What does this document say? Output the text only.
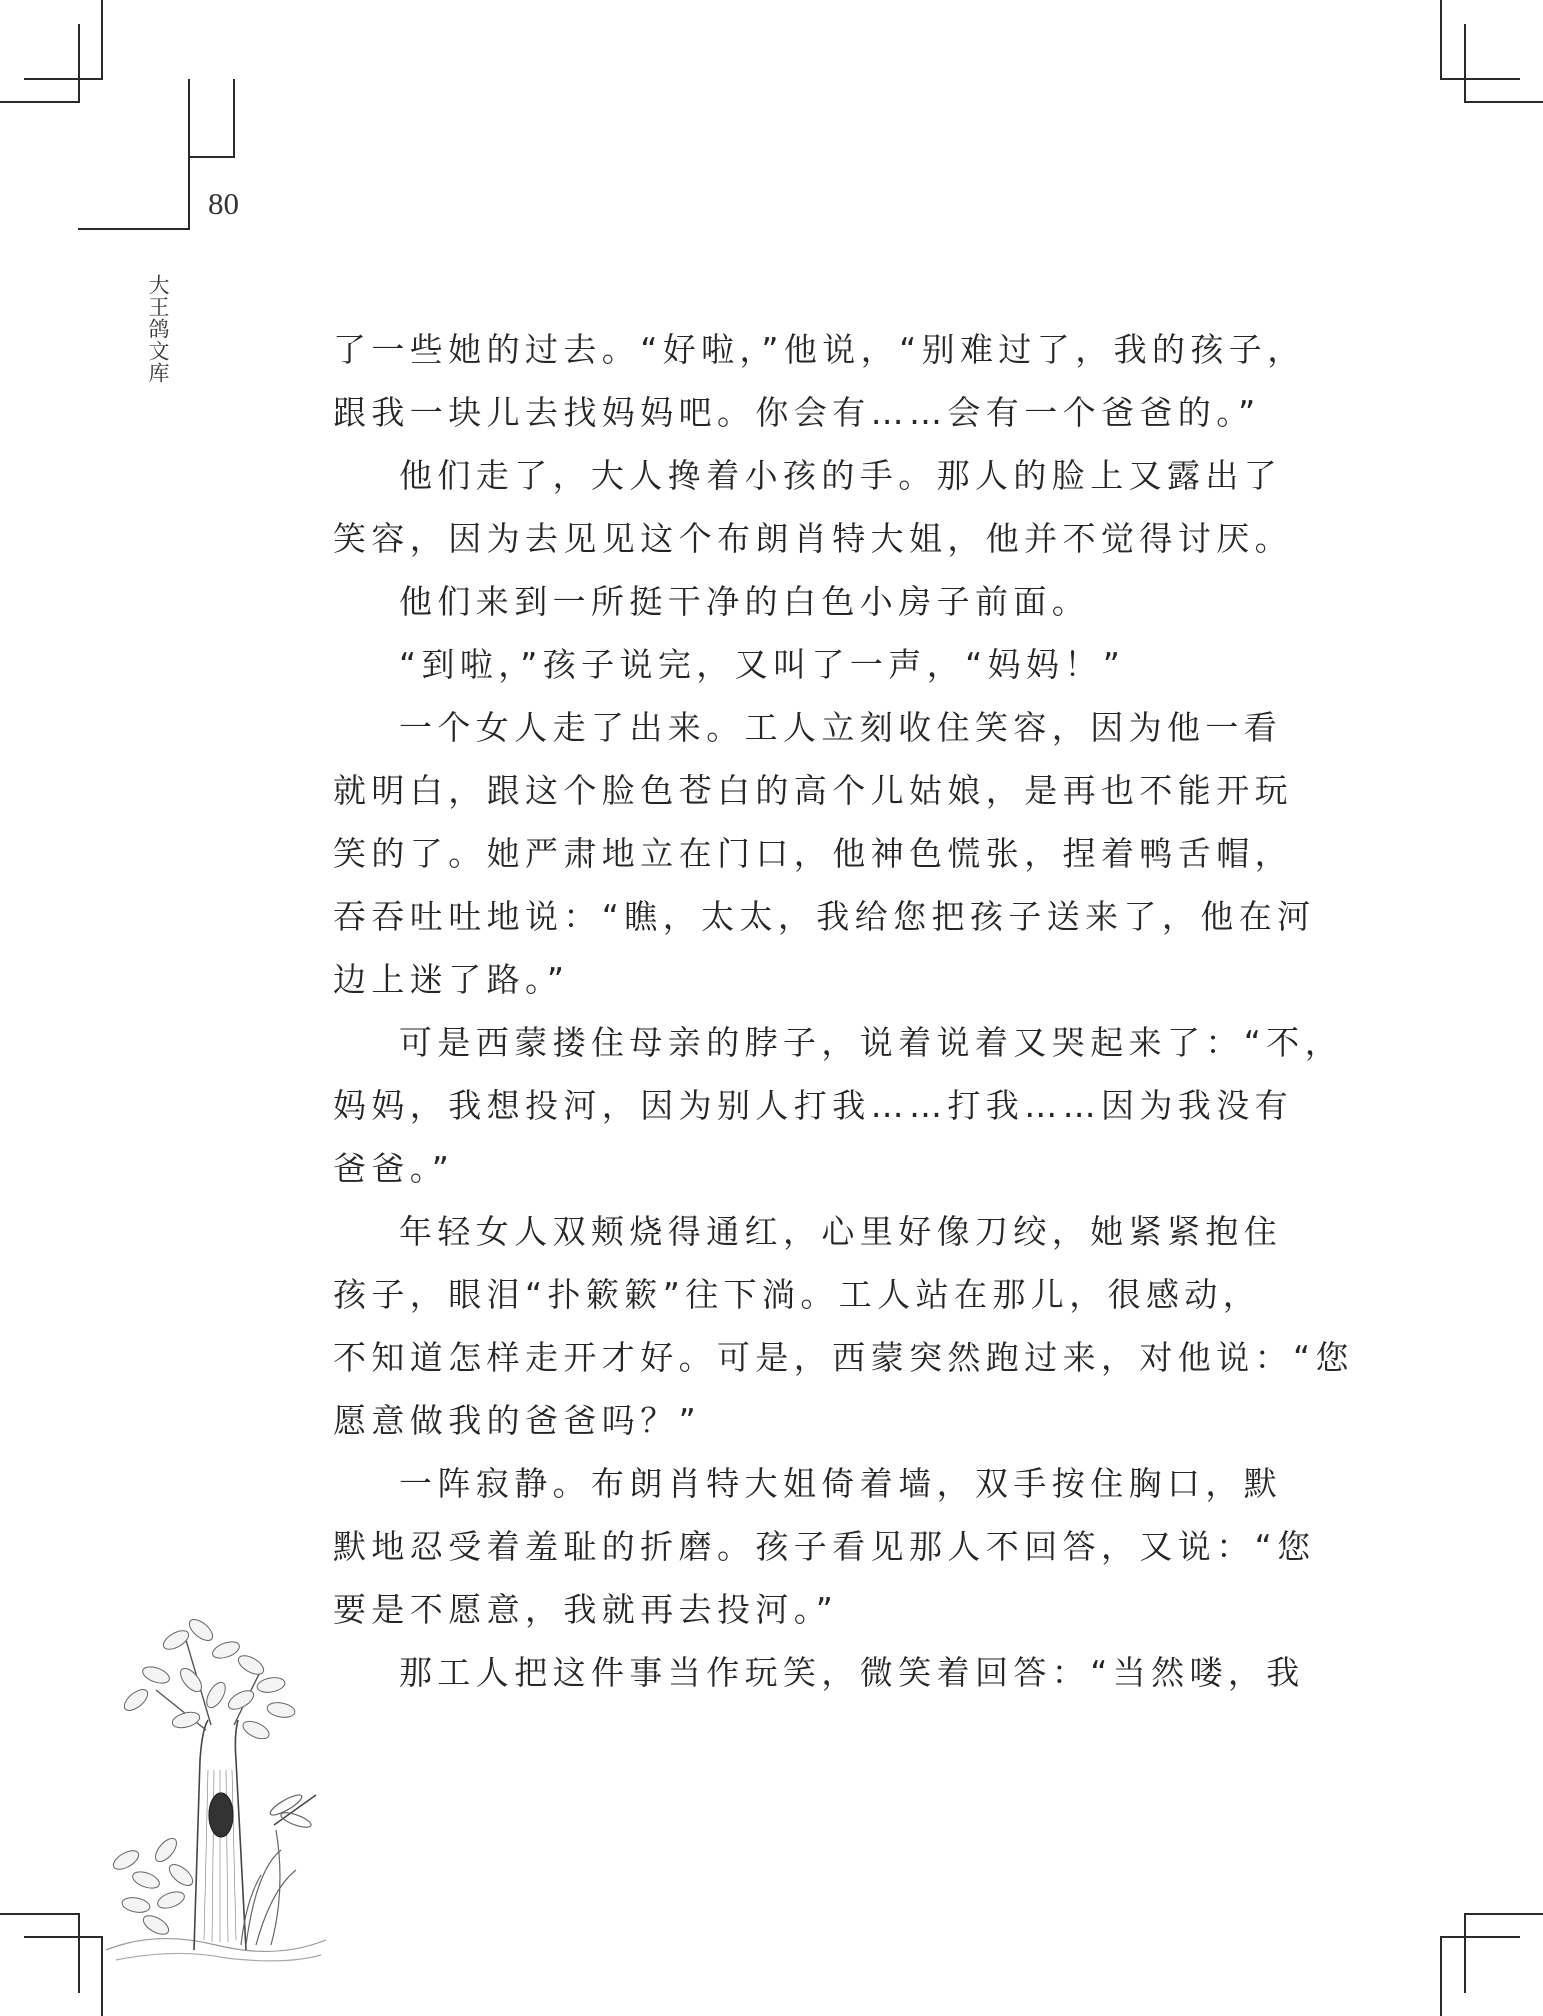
80
大王鸽文库	了一些她的过去。“好啦，”他说，“别难过了，我的孩子，
跟我一块儿去找妈妈吧。你会有……会有一个爸爸的。”
他们走了，大人搀着小孩的手。那人的脸上又露出了
笑容，因为去见见这个布朗肖特大姐，他并不觉得讨厌。
他们来到一所挺干净的白色小房子前面。
“到啦，”孩子说完，又叫了一声，“妈妈！”
一个女人走了出来。工人立刻收住笑容，因为他一看
就明白，跟这个脸色苍白的高个儿姑娘，是再也不能开玩
笑的了。她严肃地立在门口，他神色慌张，捏着鸭舌帽，
吞吞吐吐地说：“瞧，太太，我给您把孩子送来了，他在河
边上迷了路。”
可是西蒙搂住母亲的脖子，说着说着又哭起来了：“不，
妈妈，我想投河，因为别人打我……打我……因为我没有
爸爸。”
年轻女人双颊烧得通红，心里好像刀绞，她紧紧抱住
孩子，眼泪“扑簌簌”往下淌。工人站在那儿，很感动，
不知道怎样走开才好。可是，西蒙突然跑过来，对他说：“您
愿意做我的爸爸吗？”
一阵寂静。布朗肖特大姐倚着墙，双手按住胸口，默
默地忍受着羞耻的折磨。孩子看见那人不回答，又说：“您
要是不愿意，我就再去投河。”
那工人把这件事当作玩笑，微笑着回答：“当然喽，我
